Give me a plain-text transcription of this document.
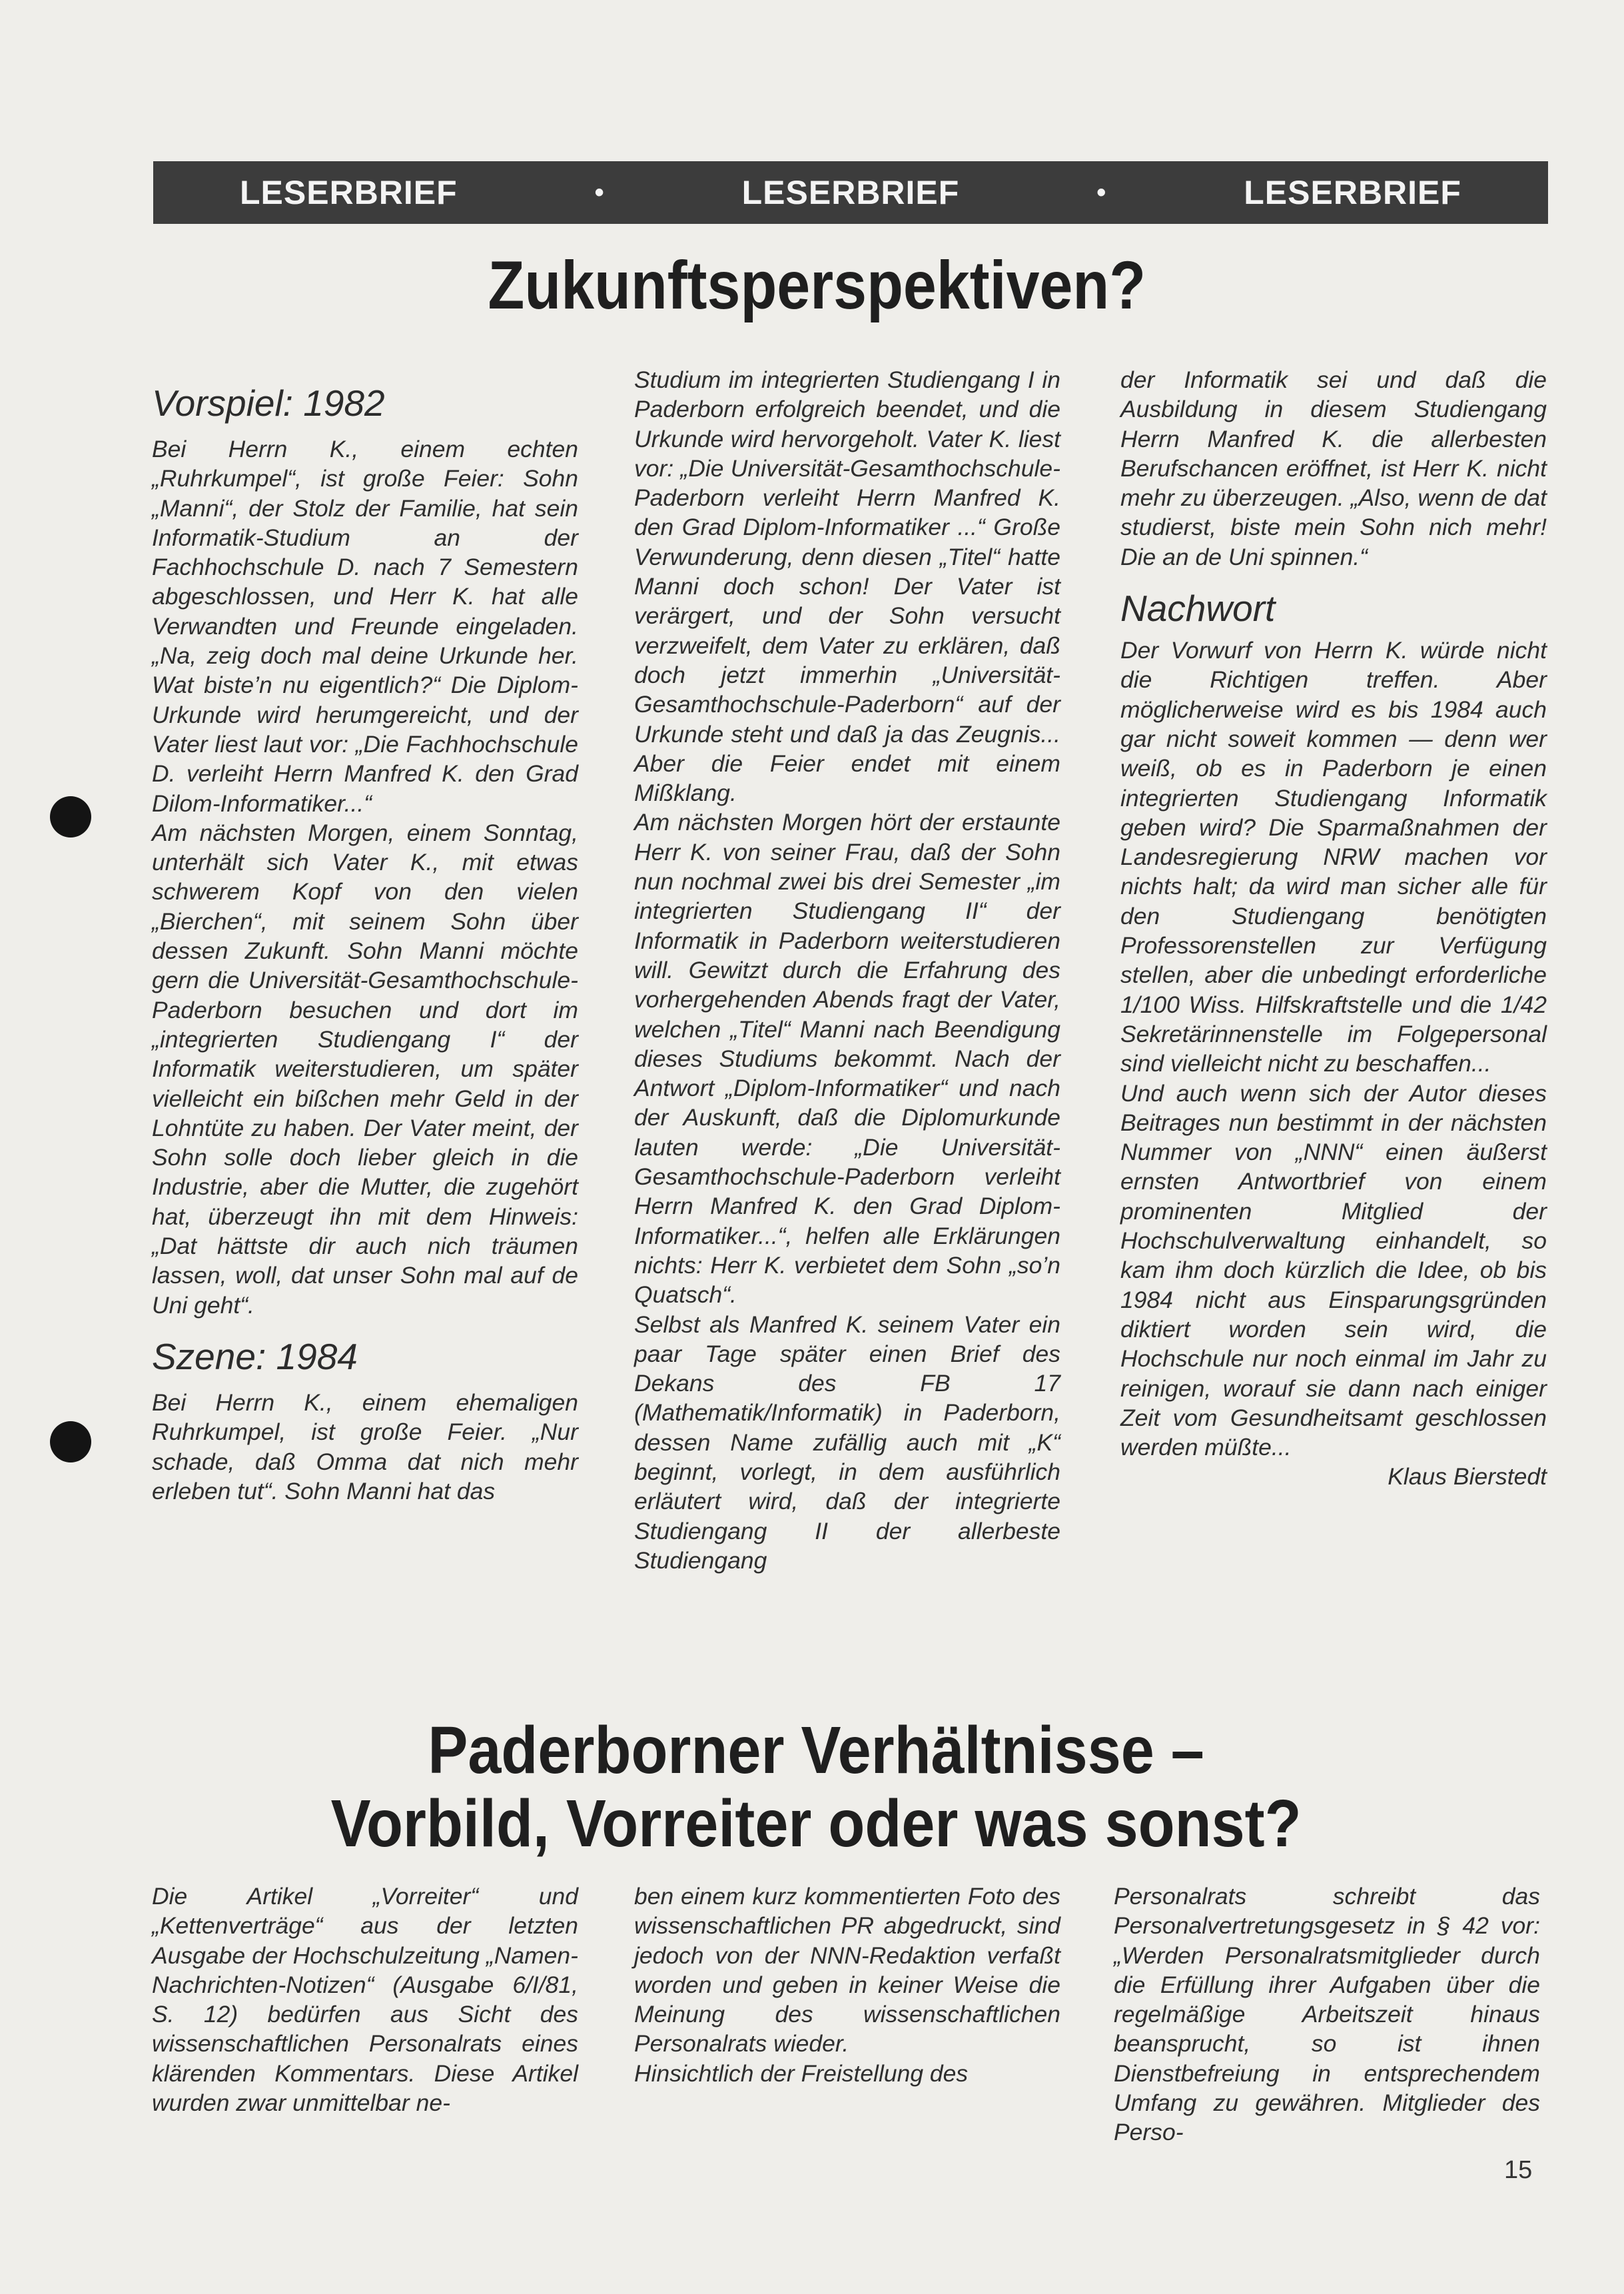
LESERBRIEF	•	LESERBRIEF	•	LESERBRIEF
Zukunftsperspektiven?
Vorspiel: 1982

Bei Herrn K., einem echten „Ruhrkumpel“, ist große Feier: Sohn „Manni“, der Stolz der Familie, hat sein Informatik-Studium an der Fachhochschule D. nach 7 Semestern abgeschlossen, und Herr K. hat alle Verwandten und Freunde eingeladen. „Na, zeig doch mal deine Urkunde her. Wat biste’n nu eigentlich?“ Die Diplom-Urkunde wird herumgereicht, und der Vater liest laut vor: „Die Fachhochschule D. verleiht Herrn Manfred K. den Grad Dilom-Informatiker...“

Am nächsten Morgen, einem Sonntag, unterhält sich Vater K., mit etwas schwerem Kopf von den vielen „Bierchen“, mit seinem Sohn über dessen Zukunft. Sohn Manni möchte gern die Universität-Gesamthochschule-Paderborn besuchen und dort im „integrierten Studiengang I“ der Informatik weiterstudieren, um später vielleicht ein bißchen mehr Geld in der Lohntüte zu haben. Der Vater meint, der Sohn solle doch lieber gleich in die Industrie, aber die Mutter, die zugehört hat, überzeugt ihn mit dem Hinweis: „Dat hättste dir auch nich träumen lassen, woll, dat unser Sohn mal auf de Uni geht“.

Szene: 1984

Bei Herrn K., einem ehemaligen Ruhrkumpel, ist große Feier. „Nur schade, daß Omma dat nich mehr erleben tut“. Sohn Manni hat das

Studium im integrierten Studiengang I in Paderborn erfolgreich beendet, und die Urkunde wird hervorgeholt. Vater K. liest vor: „Die Universität-Gesamthochschule-Paderborn verleiht Herrn Manfred K. den Grad Diplom-Informatiker ...“ Große Verwunderung, denn diesen „Titel“ hatte Manni doch schon! Der Vater ist verärgert, und der Sohn versucht verzweifelt, dem Vater zu erklären, daß doch jetzt immerhin „Universität-Gesamthochschule-Paderborn“ auf der Urkunde steht und daß ja das Zeugnis... Aber die Feier endet mit einem Mißklang.

Am nächsten Morgen hört der erstaunte Herr K. von seiner Frau, daß der Sohn nun nochmal zwei bis drei Semester „im integrierten Studiengang II“ der Informatik in Paderborn weiterstudieren will. Gewitzt durch die Erfahrung des vorhergehenden Abends fragt der Vater, welchen „Titel“ Manni nach Beendigung dieses Studiums bekommt. Nach der Antwort „Diplom-Informatiker“ und nach der Auskunft, daß die Diplomurkunde lauten werde: „Die Universität-Gesamthochschule-Paderborn verleiht Herrn Manfred K. den Grad Diplom-Informatiker...“, helfen alle Erklärungen nichts: Herr K. verbietet dem Sohn „so’n Quatsch“.

Selbst als Manfred K. seinem Vater ein paar Tage später einen Brief des Dekans des FB 17 (Mathematik/Informatik) in Paderborn, dessen Name zufällig auch mit „K“ beginnt, vorlegt, in dem ausführlich erläutert wird, daß der integrierte Studiengang II der allerbeste Studiengang

der Informatik sei und daß die Ausbildung in diesem Studiengang Herrn Manfred K. die allerbesten Berufschancen eröffnet, ist Herr K. nicht mehr zu überzeugen. „Also, wenn de dat studierst, biste mein Sohn nich mehr! Die an de Uni spinnen.“

Nachwort

Der Vorwurf von Herrn K. würde nicht die Richtigen treffen. Aber möglicherweise wird es bis 1984 auch gar nicht soweit kommen — denn wer weiß, ob es in Paderborn je einen integrierten Studiengang Informatik geben wird? Die Sparmaßnahmen der Landesregierung NRW machen vor nichts halt; da wird man sicher alle für den Studiengang benötigten Professorenstellen zur Verfügung stellen, aber die unbedingt erforderliche 1/100 Wiss. Hilfskraftstelle und die 1/42 Sekretärinnenstelle im Folgepersonal sind vielleicht nicht zu beschaffen...

Und auch wenn sich der Autor dieses Beitrages nun bestimmt in der nächsten Nummer von „NNN“ einen äußerst ernsten Antwortbrief von einem prominenten Mitglied der Hochschulverwaltung einhandelt, so kam ihm doch kürzlich die Idee, ob bis 1984 nicht aus Einsparungsgründen diktiert worden sein wird, die Hochschule nur noch einmal im Jahr zu reinigen, worauf sie dann nach einiger Zeit vom Gesundheitsamt geschlossen werden müßte...

Klaus Bierstedt

Paderborner Verhältnisse –
Vorbild, Vorreiter oder was sonst?

Die Artikel „Vorreiter“ und „Kettenverträge“ aus der letzten Ausgabe der Hochschulzeitung „Namen-Nachrichten-Notizen“ (Ausgabe 6/I/81, S. 12) bedürfen aus Sicht des wissenschaftlichen Personalrats eines klärenden Kommentars. Diese Artikel wurden zwar unmittelbar ne-

ben einem kurz kommentierten Foto des wissenschaftlichen PR abgedruckt, sind jedoch von der NNN-Redaktion verfaßt worden und geben in keiner Weise die Meinung des wissenschaftlichen Personalrats wieder.

Hinsichtlich der Freistellung des

Personalrats schreibt das Personalvertretungsgesetz in § 42 vor: „Werden Personalratsmitglieder durch die Erfüllung ihrer Aufgaben über die regelmäßige Arbeitszeit hinaus beansprucht, so ist ihnen Dienstbefreiung in entsprechendem Umfang zu gewähren. Mitglieder des Perso-

15
